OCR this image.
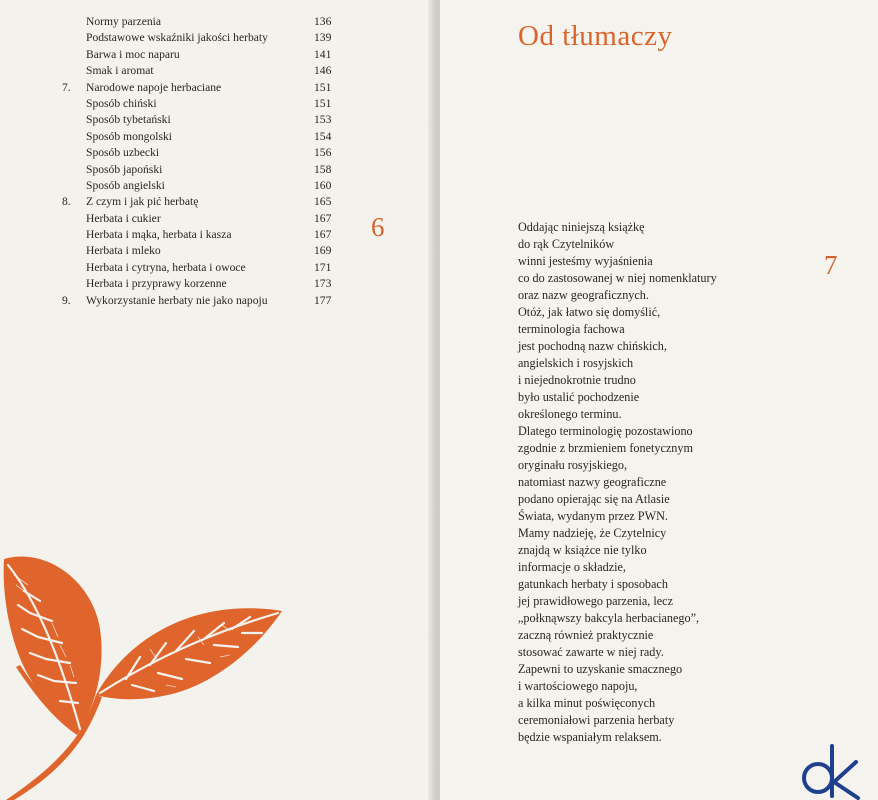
Normy parzenia	136
Podstawowe wskaźniki jakości herbaty	139
Barwa i moc naparu	141
Smak i aromat	146
7. Narodowe napoje herbaciane	151
Sposób chiński	151
Sposób tybetański	153
Sposób mongolski	154
Sposób uzbecki	156
Sposób japoński	158
Sposób angielski	160
8. Z czym i jak pić herbatę	165
Herbata i cukier	167
Herbata i mąka, herbata i kasza	167
Herbata i mleko	169
Herbata i cytryna, herbata i owoce	171
Herbata i przyprawy korzenne	173
9. Wykorzystanie herbaty nie jako napoju	177
6
Od tłumaczy
7
Oddając niniejszą książkę
do rąk Czytelników
winni jesteśmy wyjaśnienia
co do zastosowanej w niej nomenklatury
oraz nazw geograficznych.
Otóż, jak łatwo się domyślić,
terminologia fachowa
jest pochodną nazw chińskich,
angielskich i rosyjskich
i niejednokrotnie trudno
było ustalić pochodzenie
określonego terminu.
Dlatego terminologię pozostawiono
zgodnie z brzmieniem fonetycznym
oryginału rosyjskiego,
natomiast nazwy geograficzne
podano opierając się na Atlasie
Świata, wydanym przez PWN.
Mamy nadzieję, że Czytelnicy
znajdą w książce nie tylko
informacje o składzie,
gatunkach herbaty i sposobach
jej prawidłowego parzenia, lecz
„połknąwszy bakcyla herbacianego”,
zaczną również praktycznie
stosować zawarte w niej rady.
Zapewni to uzyskanie smacznego
i wartościowego napoju,
a kilka minut poświęconych
ceremoniałowi parzenia herbaty
będzie wspaniałym relaksem.
